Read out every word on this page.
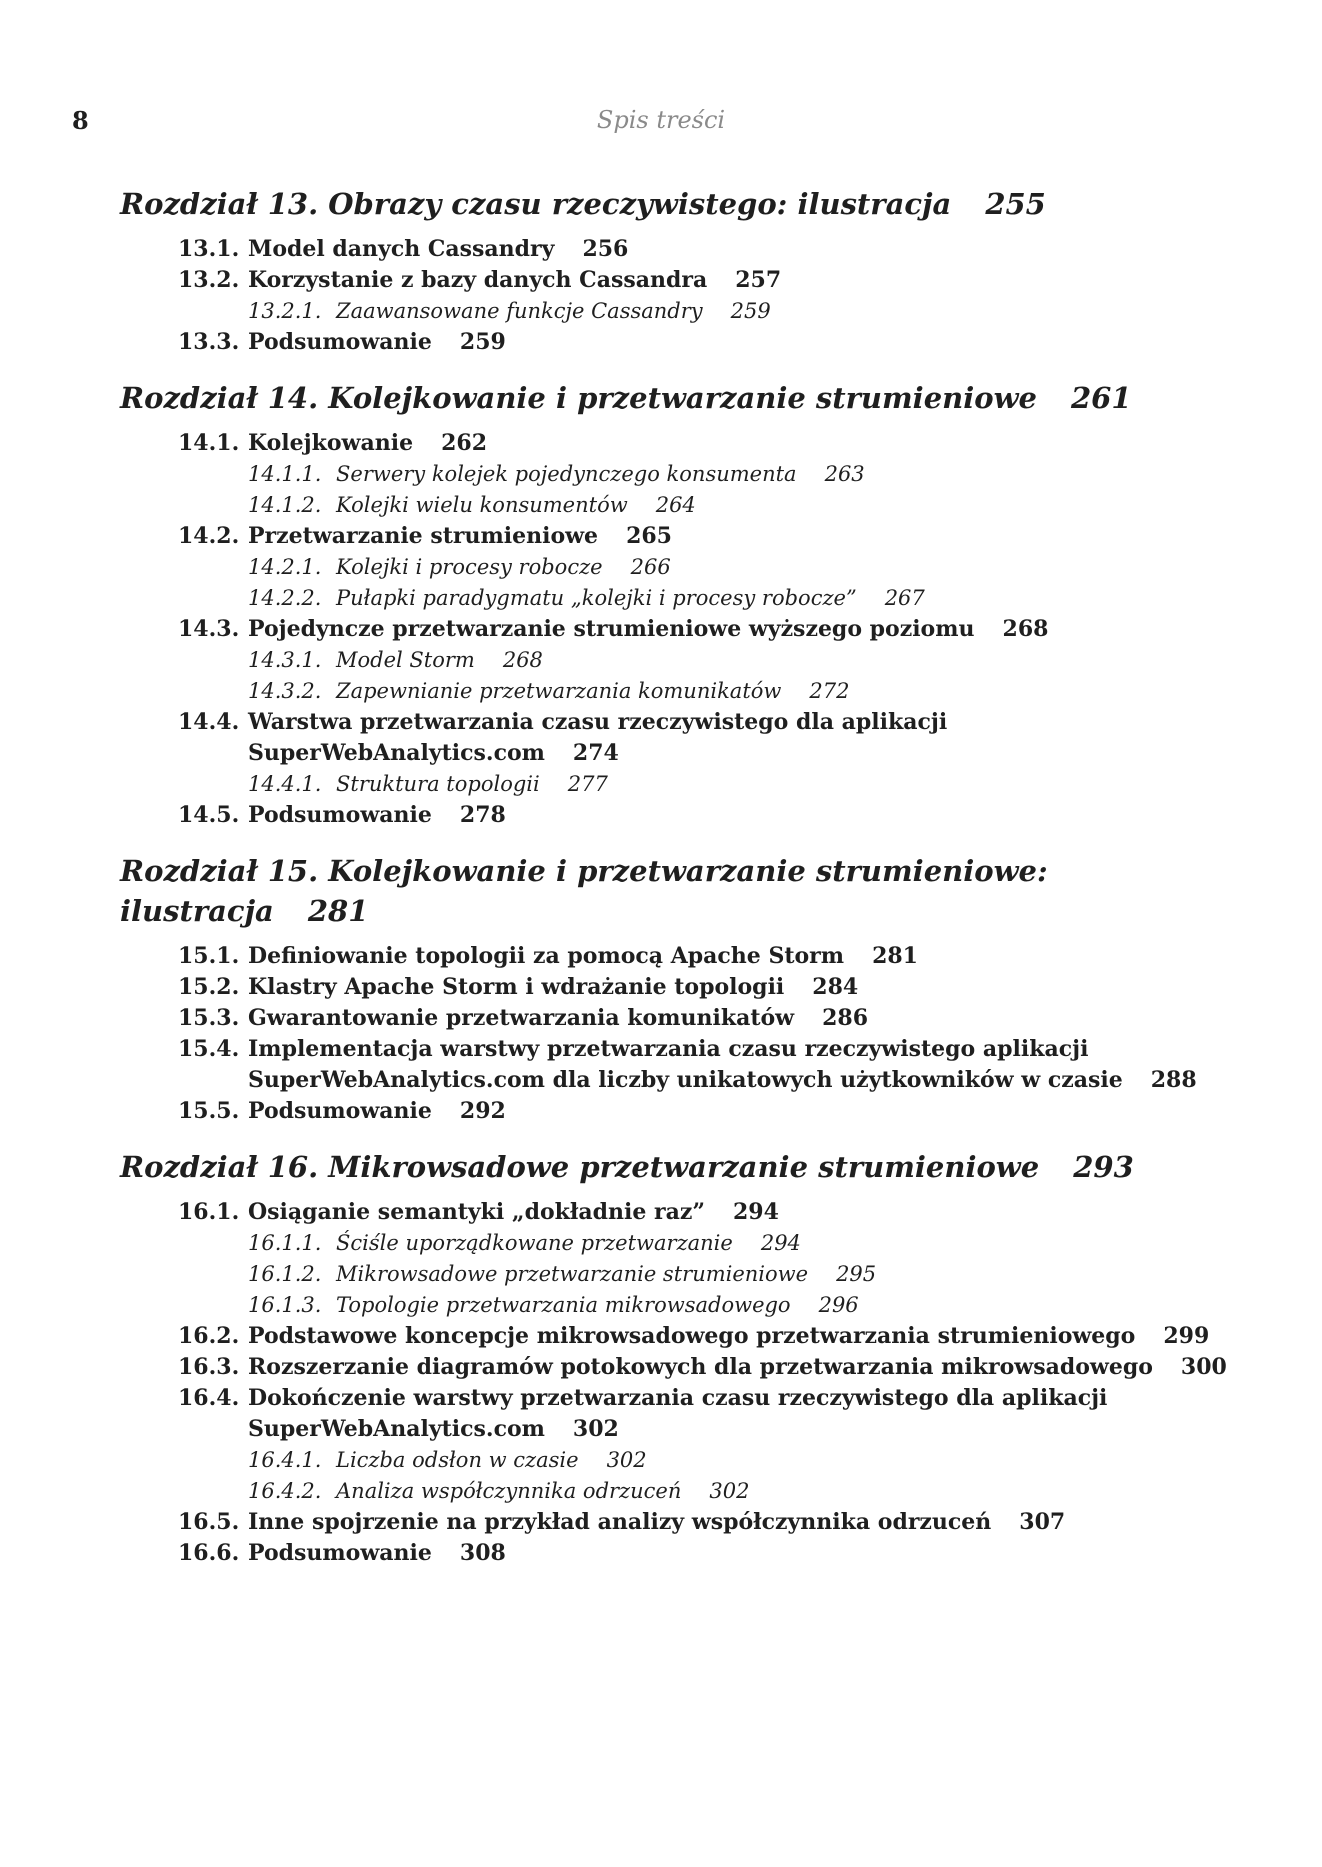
8	Spis treści
Rozdział 13. Obrazy czasu rzeczywistego: ilustracja 255
13.1. Model danych Cassandry 256
13.2. Korzystanie z bazy danych Cassandra 257
13.2.1. Zaawansowane funkcje Cassandry 259
13.3. Podsumowanie 259
Rozdział 14. Kolejkowanie i przetwarzanie strumieniowe 261
14.1. Kolejkowanie 262
14.1.1. Serwery kolejek pojedynczego konsumenta 263
14.1.2. Kolejki wielu konsumentów 264
14.2. Przetwarzanie strumieniowe 265
14.2.1. Kolejki i procesy robocze 266
14.2.2. Pułapki paradygmatu „kolejki i procesy robocze” 267
14.3. Pojedyncze przetwarzanie strumieniowe wyższego poziomu 268
14.3.1. Model Storm 268
14.3.2. Zapewnianie przetwarzania komunikatów 272
14.4. Warstwa przetwarzania czasu rzeczywistego dla aplikacji SuperWebAnalytics.com 274
14.4.1. Struktura topologii 277
14.5. Podsumowanie 278
Rozdział 15. Kolejkowanie i przetwarzanie strumieniowe: ilustracja 281
15.1. Definiowanie topologii za pomocą Apache Storm 281
15.2. Klastry Apache Storm i wdrażanie topologii 284
15.3. Gwarantowanie przetwarzania komunikatów 286
15.4. Implementacja warstwy przetwarzania czasu rzeczywistego aplikacji SuperWebAnalytics.com dla liczby unikatowych użytkowników w czasie 288
15.5. Podsumowanie 292
Rozdział 16. Mikrowsadowe przetwarzanie strumieniowe 293
16.1. Osiąganie semantyki „dokładnie raz” 294
16.1.1. Ściśle uporządkowane przetwarzanie 294
16.1.2. Mikrowsadowe przetwarzanie strumieniowe 295
16.1.3. Topologie przetwarzania mikrowsadowego 296
16.2. Podstawowe koncepcje mikrowsadowego przetwarzania strumieniowego 299
16.3. Rozszerzanie diagramów potokowych dla przetwarzania mikrowsadowego 300
16.4. Dokończenie warstwy przetwarzania czasu rzeczywistego dla aplikacji SuperWebAnalytics.com 302
16.4.1. Liczba odsłon w czasie 302
16.4.2. Analiza współczynnika odrzuceń 302
16.5. Inne spojrzenie na przykład analizy współczynnika odrzuceń 307
16.6. Podsumowanie 308
